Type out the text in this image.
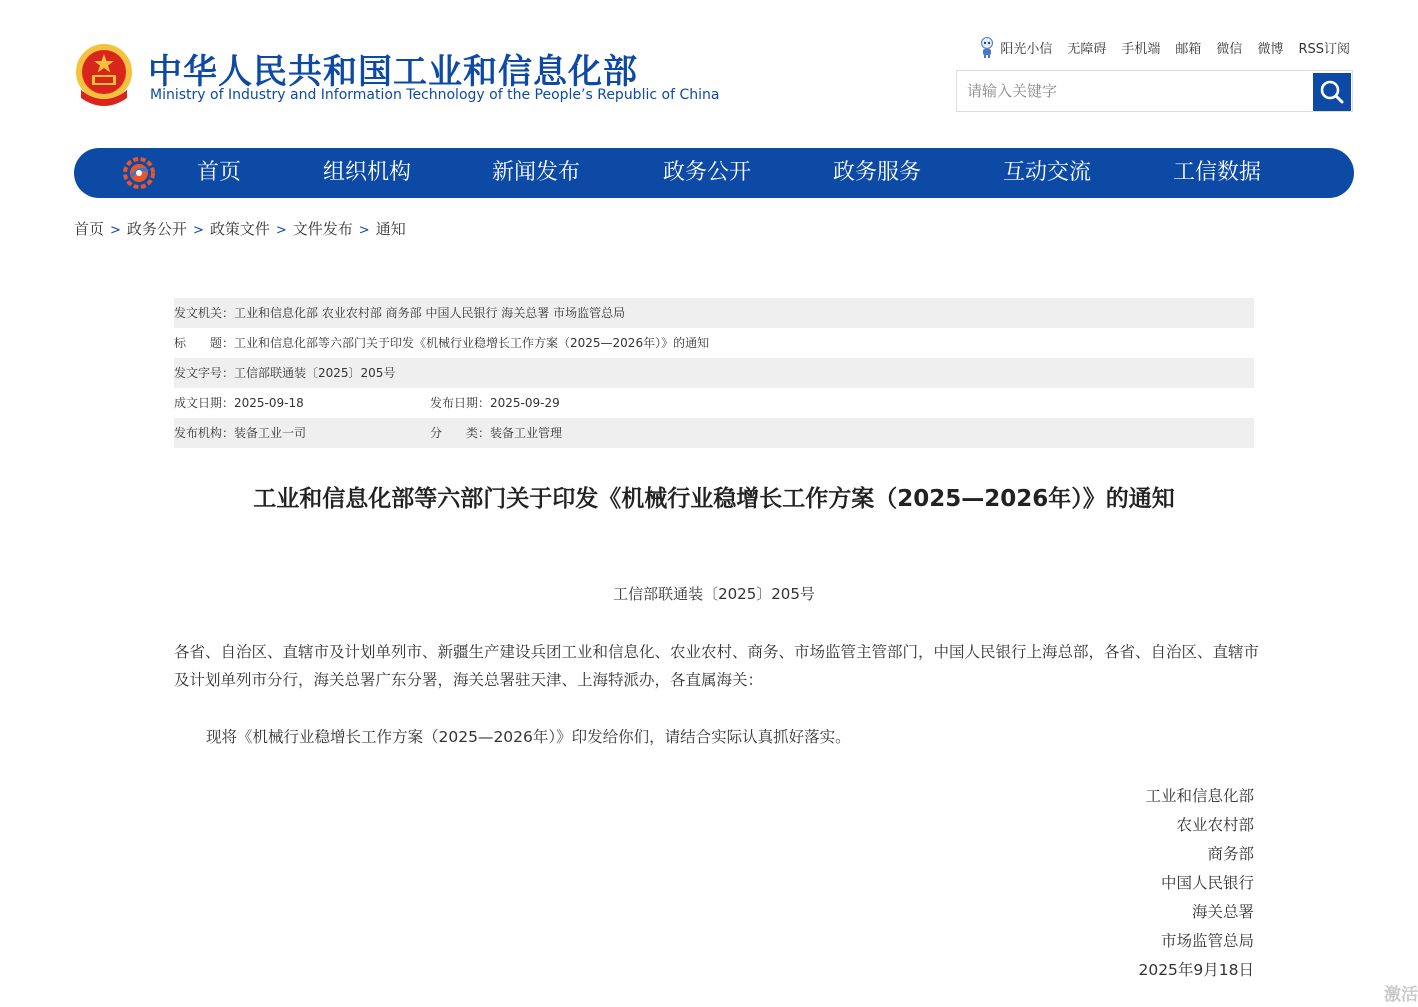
中华人民共和国工业和信息化部
Ministry of Industry and Information Technology of the People’s Republic of China
阳光小信 无障碍 手机端 邮箱 微信 微博 RSS订阅
请输入关键字
首页	组织机构	新闻发布	政务公开	政务服务	互动交流	工信数据
首页 > 政务公开 > 政策文件 > 文件发布 > 通知
发文机关：工业和信息化部 农业农村部 商务部 中国人民银行 海关总署 市场监管总局
标　　题：工业和信息化部等六部门关于印发《机械行业稳增长工作方案（2025—2026年）》的通知
发文字号：工信部联通装〔2025〕205号
成文日期：2025-09-18	发布日期：2025-09-29
发布机构：装备工业一司	分　　类：装备工业管理
工业和信息化部等六部门关于印发《机械行业稳增长工作方案（2025—2026年）》的通知
工信部联通装〔2025〕205号
各省、自治区、直辖市及计划单列市、新疆生产建设兵团工业和信息化、农业农村、商务、市场监管主管部门，中国人民银行上海总部，各省、自治区、直辖市及计划单列市分行，海关总署广东分署，海关总署驻天津、上海特派办，各直属海关：
现将《机械行业稳增长工作方案（2025—2026年）》印发给你们，请结合实际认真抓好落实。
工业和信息化部
农业农村部
商务部
中国人民银行
海关总署
市场监管总局
2025年9月18日
激活
